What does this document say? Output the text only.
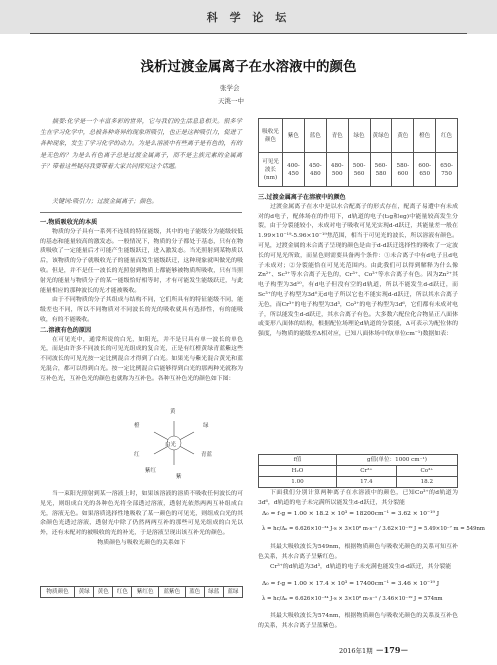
科 学 论 坛
浅析过渡金属离子在水溶液中的颜色
张学会
天洮一中
摘要:化学是一个丰富多彩的世界，它与我们的生活息息相关。很多学生在学习化学中，总被各种奇异的现象所吸引，也正是这种吸引力，促进了各种现象，发生了学习化学的动力。为是么溶液中有些离子是有色的，有的是无色的？为是么有色离子总是过渡金属离子，而不是主族元素的金属离子？带着这些疑问我要带着大家共同探究这个话题。
关键词:吸引力；过渡金属离子；颜色。
一.物质吸收光的本质

物质的分子具有一系列不连续的特征能级，其中的电子能级分为能级较低的基态和能量较高的激发态。一般情况下，物质的分子都处于基态，只有在物质吸收了一定能量后才可能产生能级跃迁，进入激发态。当光照射到某物质以后，该物质的分子就吸收光子的能量而发生能级跃迁，这种现象就叫做光的吸收。但是，并不是任一波长的光照射到物质上都能够被物质所吸收，只有当照射光的能量与物质分子的某一能级恰好相等时，才有可能发生能级跃迁，与此能量相应的那种波长的光才能被吸收。

由于不同物质的分子其组成与结构不同，它们所具有的特征能级不同，能级差也不同，所以不同物质对不同波长的光的吸收就具有选择性，有的能吸收，有的不能吸收。

二.溶液有色的原因

在可见光中，通常所说的白光，如阳光，并不是只具有单一波长的单色光，而是由许多不同波长的可见光组成的复合光，正是有红橙黄绿青蓝紫这些不同波长的可见光按一定比例混合才得到了白光。如果光与紫光混合黄光和蓝光混合，都可以得到白光。按一定比例混合后能够得到白光的那两种光就称为互补色光，互补色光的颜色也就称为互补色。各种互补色光的颜色如下图：

黄
橙	绿
白光
青蓝
红
紫红
紫

当一束阳光照射到某一溶液上时，如果该溶液的溶质不吸收任何波长的可见光，则组成白光的各种色光将全部透过溶液，透射光依然两两互补组成白光，溶液无色。如果溶质选择性地吸收了某一颜色的可见光，则组成白光的其余颜色光透过溶液，透射光中除了仍然两两互补的那些可见光组成的白光以外，还有未配对的被吸收的光的补光，于是溶液呈现出该互补光的颜色。

物质颜色与吸收光颜色的关系如下
物质颜色	黄绿	黄色	红色	紫红色	蓝紫色	蓝色	绿蓝	蓝绿
吸收光颜色	紫色	蓝色	青色	绿色	黄绿色	黄色	橙色	红色
可见光波长(nm)	400-450	450-480	480-500	500-560	560-580	580-600	600-650	650-750
三.过渡金属离子在溶液中的颜色

过渡金属离子在水中是以水合配离子的形式存在，配离子易遭中有未成对的d电子，配体场在的作用下，d轨道的电子(t₂g和eg)中能量较高发生分裂，由于分裂能较小，未成对电子吸收可见光实现d-d跃迁，其能量差一般在1.99×10⁻¹⁹-5.96×10⁻¹⁹焦范围，相当于可见光的波长，所以溶液有颜色。可见，过渡金属的未合离子呈现的颜色是由于d-d跃迁选择性的吸收了一定波长的可见光所致，而显色则需要具备两个条件：①未合离子中有d电子且d电子未成对；②分裂能恰在可见光范围内。由此我们可以得到解释为什么像Zn²⁺、Sc³⁺等水合离子无色的，Cr³⁺、Co³⁺等水合离子有色。因为Zn²⁺其电子构型为3d¹⁰，有d电子但没有空的d轨道，所以不能发生d-d跃迁，而Sc³⁺的电子构型为3d⁰无d电子所以它也不能实现d-d跃迁，所以其水合离子无色，而Cr³⁺的电子构型为3d³，Co³⁺的电子构型为3d⁶，它们都有未成对电子，所以能发生d-d跃迁，其水合离子有色。大多数六配位化合物显正八面体或变形八面体的结构，根据配位场理论d轨道的分裂能，Δ可表示为配位体的强度，与物质的能级差Δ相对应，已知八面体场中的(单位cm⁻¹)数据如表：

f值	g值(单位：1000 cm⁻¹)	
H₂O	Cr³⁺	Co³⁺
1.00	17.4	18.2

下面我们分别计算两种离子在水溶液中的颜色，已知Co³⁺的d轨道为3d⁶，d轨道的电子未完满所以能发生d-d跃迁，其分裂能

Δ₀ = f·g = 1.00 × 18.2 × 10³ = 18200cm⁻¹ = 3.62 × 10⁻¹⁹ J
λ = hc/Δ₀ = 6.626×10⁻³⁴ J·s × 3×10⁸ m·s⁻¹ / 3.62×10⁻¹⁹ J = 5.49×10⁻⁷ m = 549nm

其最大吸收波长为549nm，根据物质颜色与吸收光颜色的关系可知互补色关系，其水合离子呈紫红色。

Cr³⁺的d轨道为3d³，d轨道的电子未充满也能发生d-d跃迁，其分裂能

Δ₀ = f·g = 1.00 × 17.4 × 10³ = 17400cm⁻¹ = 3.46 × 10⁻¹⁹ J
λ = hc/Δ₀ = 6.626×10⁻³⁴ J·s × 3×10⁸ m·s⁻¹ / 3.46×10⁻¹⁹ J = 574nm

其最大吸收波长为574nm，根据物质颜色与吸收光颜色的关系及互补色的关系，其水合离子呈蓝紫色。

2016年1期 －179－
